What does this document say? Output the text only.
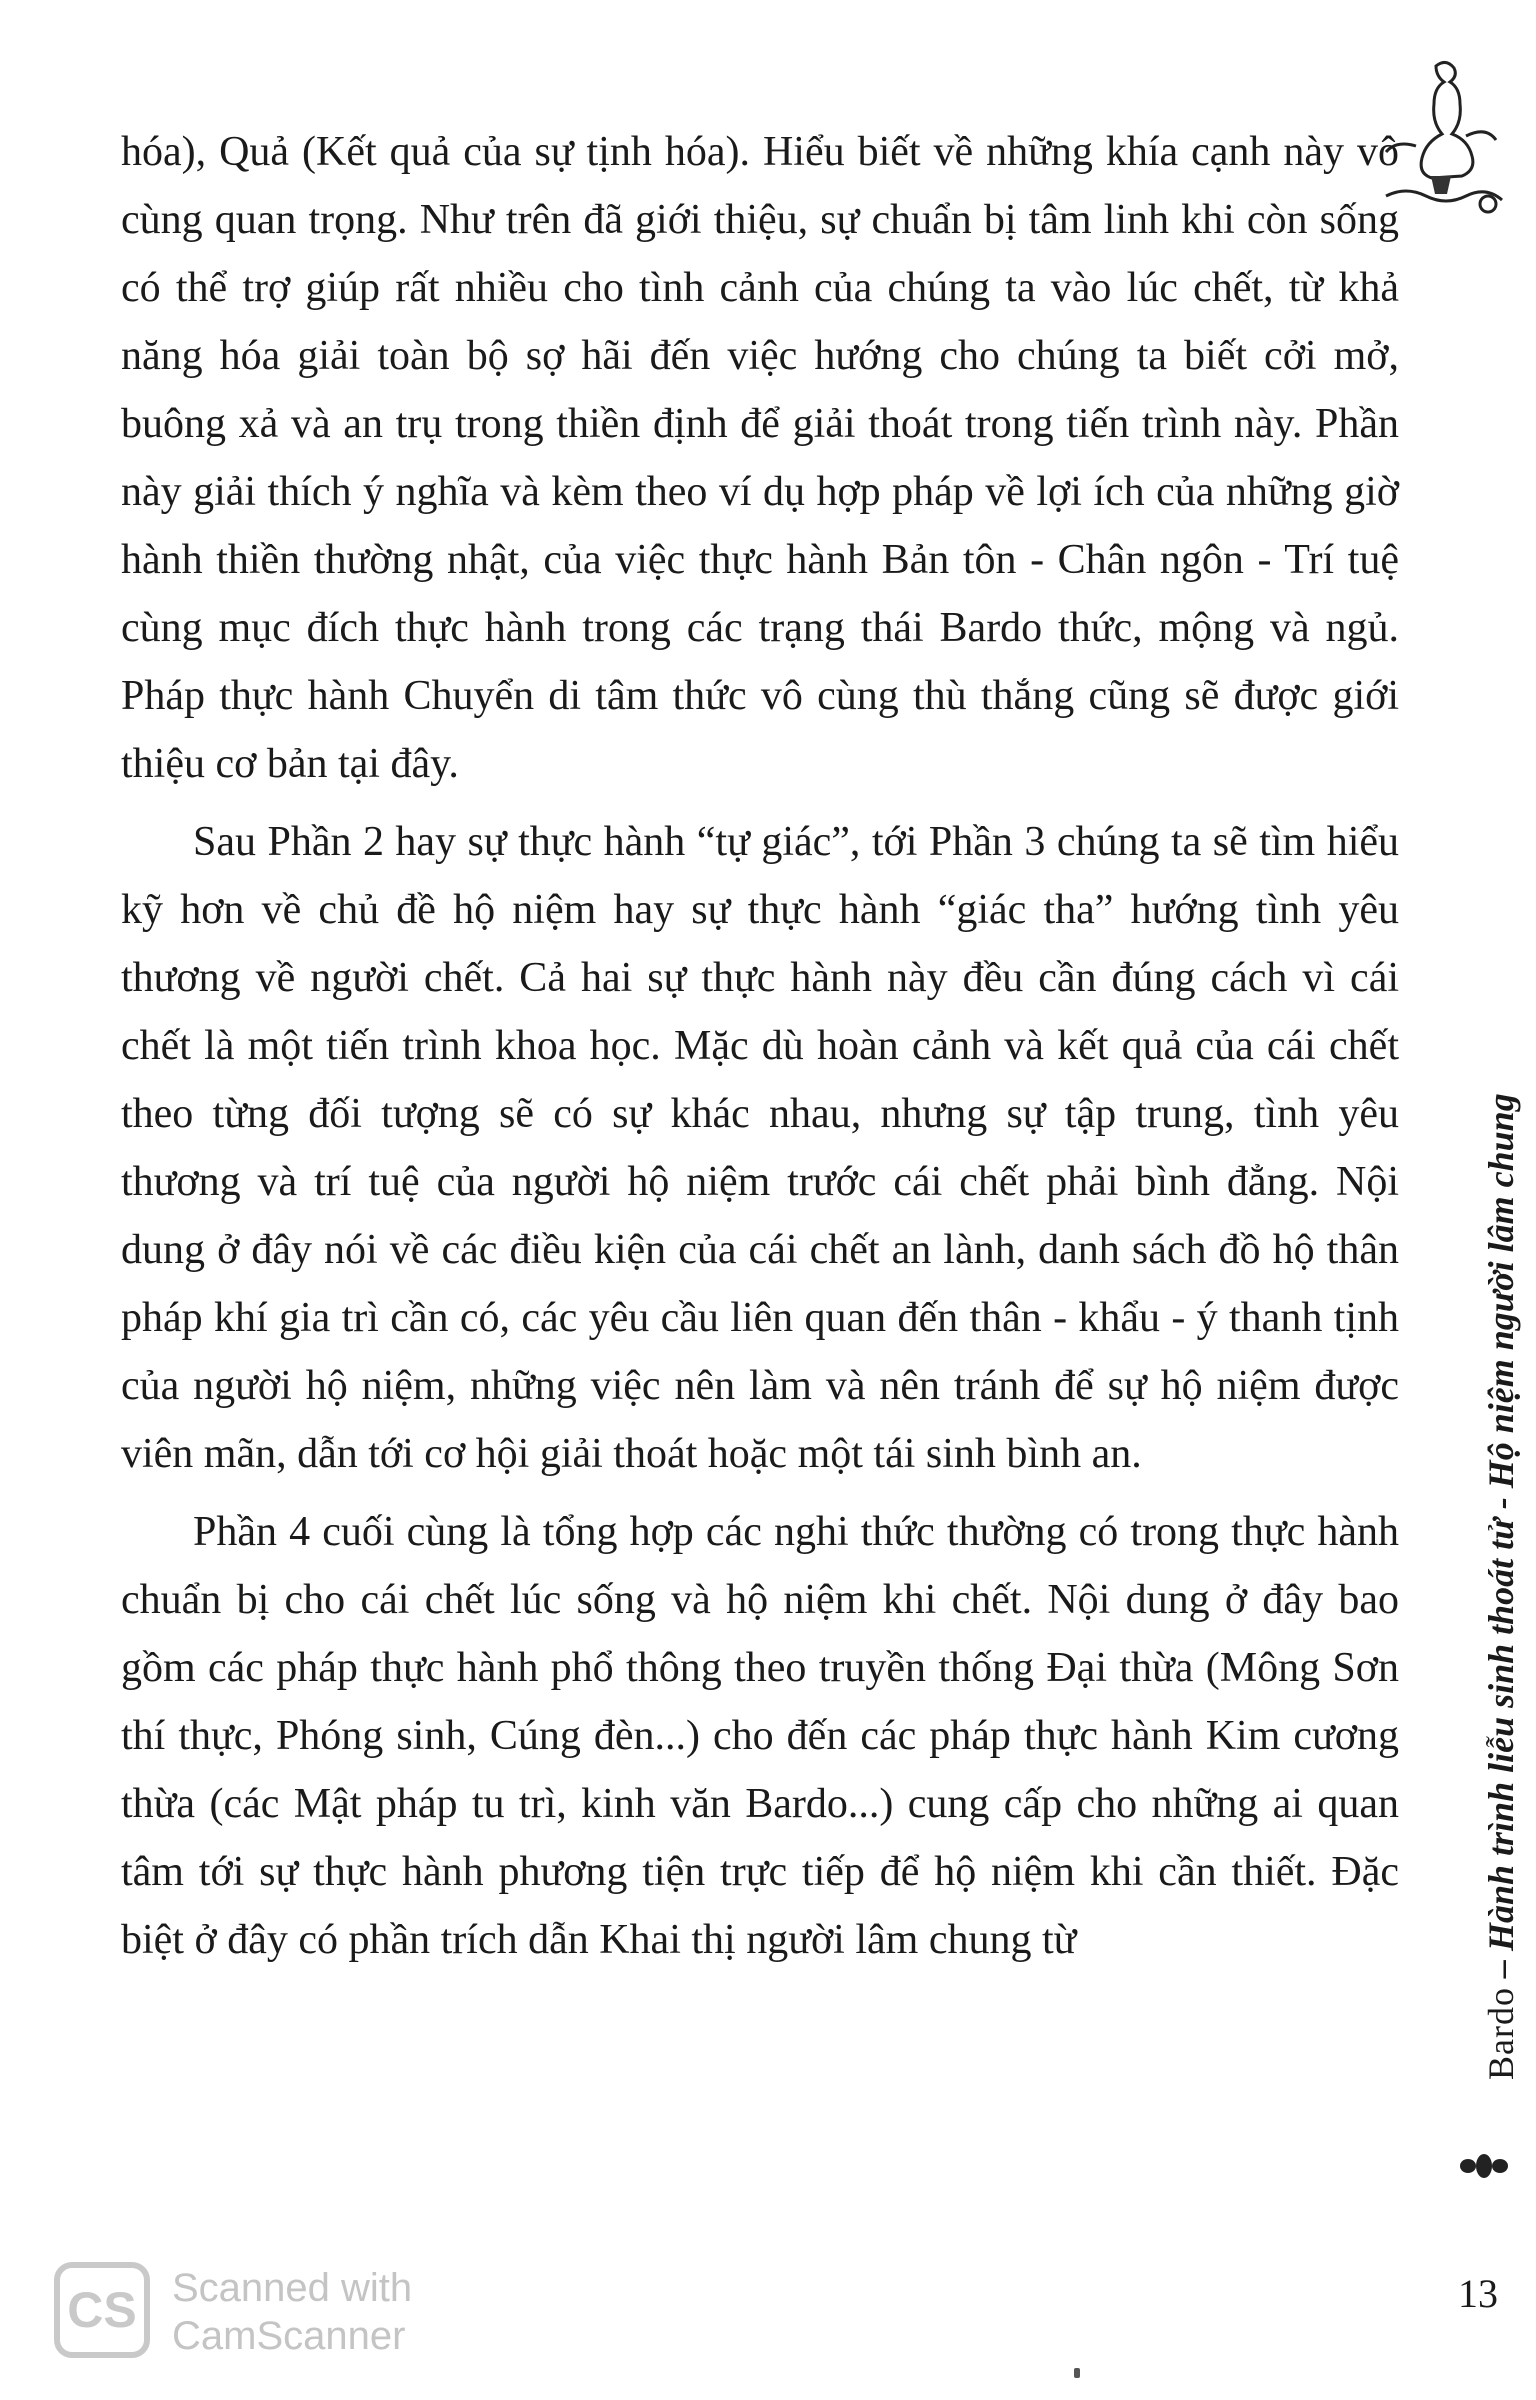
hóa), Quả (Kết quả của sự tịnh hóa). Hiểu biết về những khía cạnh này vô cùng quan trọng. Như trên đã giới thiệu, sự chuẩn bị tâm linh khi còn sống có thể trợ giúp rất nhiều cho tình cảnh của chúng ta vào lúc chết, từ khả năng hóa giải toàn bộ sợ hãi đến việc hướng cho chúng ta biết cởi mở, buông xả và an trụ trong thiền định để giải thoát trong tiến trình này. Phần này giải thích ý nghĩa và kèm theo ví dụ hợp pháp về lợi ích của những giờ hành thiền thường nhật, của việc thực hành Bản tôn - Chân ngôn - Trí tuệ cùng mục đích thực hành trong các trạng thái Bardo thức, mộng và ngủ. Pháp thực hành Chuyển di tâm thức vô cùng thù thắng cũng sẽ được giới thiệu cơ bản tại đây.

Sau Phần 2 hay sự thực hành “tự giác”, tới Phần 3 chúng ta sẽ tìm hiểu kỹ hơn về chủ đề hộ niệm hay sự thực hành “giác tha” hướng tình yêu thương về người chết. Cả hai sự thực hành này đều cần đúng cách vì cái chết là một tiến trình khoa học. Mặc dù hoàn cảnh và kết quả của cái chết theo từng đối tượng sẽ có sự khác nhau, nhưng sự tập trung, tình yêu thương và trí tuệ của người hộ niệm trước cái chết phải bình đẳng. Nội dung ở đây nói về các điều kiện của cái chết an lành, danh sách đồ hộ thân pháp khí gia trì cần có, các yêu cầu liên quan đến thân - khẩu - ý thanh tịnh của người hộ niệm, những việc nên làm và nên tránh để sự hộ niệm được viên mãn, dẫn tới cơ hội giải thoát hoặc một tái sinh bình an.

Phần 4 cuối cùng là tổng hợp các nghi thức thường có trong thực hành chuẩn bị cho cái chết lúc sống và hộ niệm khi chết. Nội dung ở đây bao gồm các pháp thực hành phổ thông theo truyền thống Đại thừa (Mông Sơn thí thực, Phóng sinh, Cúng đèn...) cho đến các pháp thực hành Kim cương thừa (các Mật pháp tu trì, kinh văn Bardo...) cung cấp cho những ai quan tâm tới sự thực hành phương tiện trực tiếp để hộ niệm khi cần thiết. Đặc biệt ở đây có phần trích dẫn Khai thị người lâm chung từ

Bardo – Hành trình liễu sinh thoát tử - Hộ niệm người lâm chung
13
CS Scanned with
CamScanner
